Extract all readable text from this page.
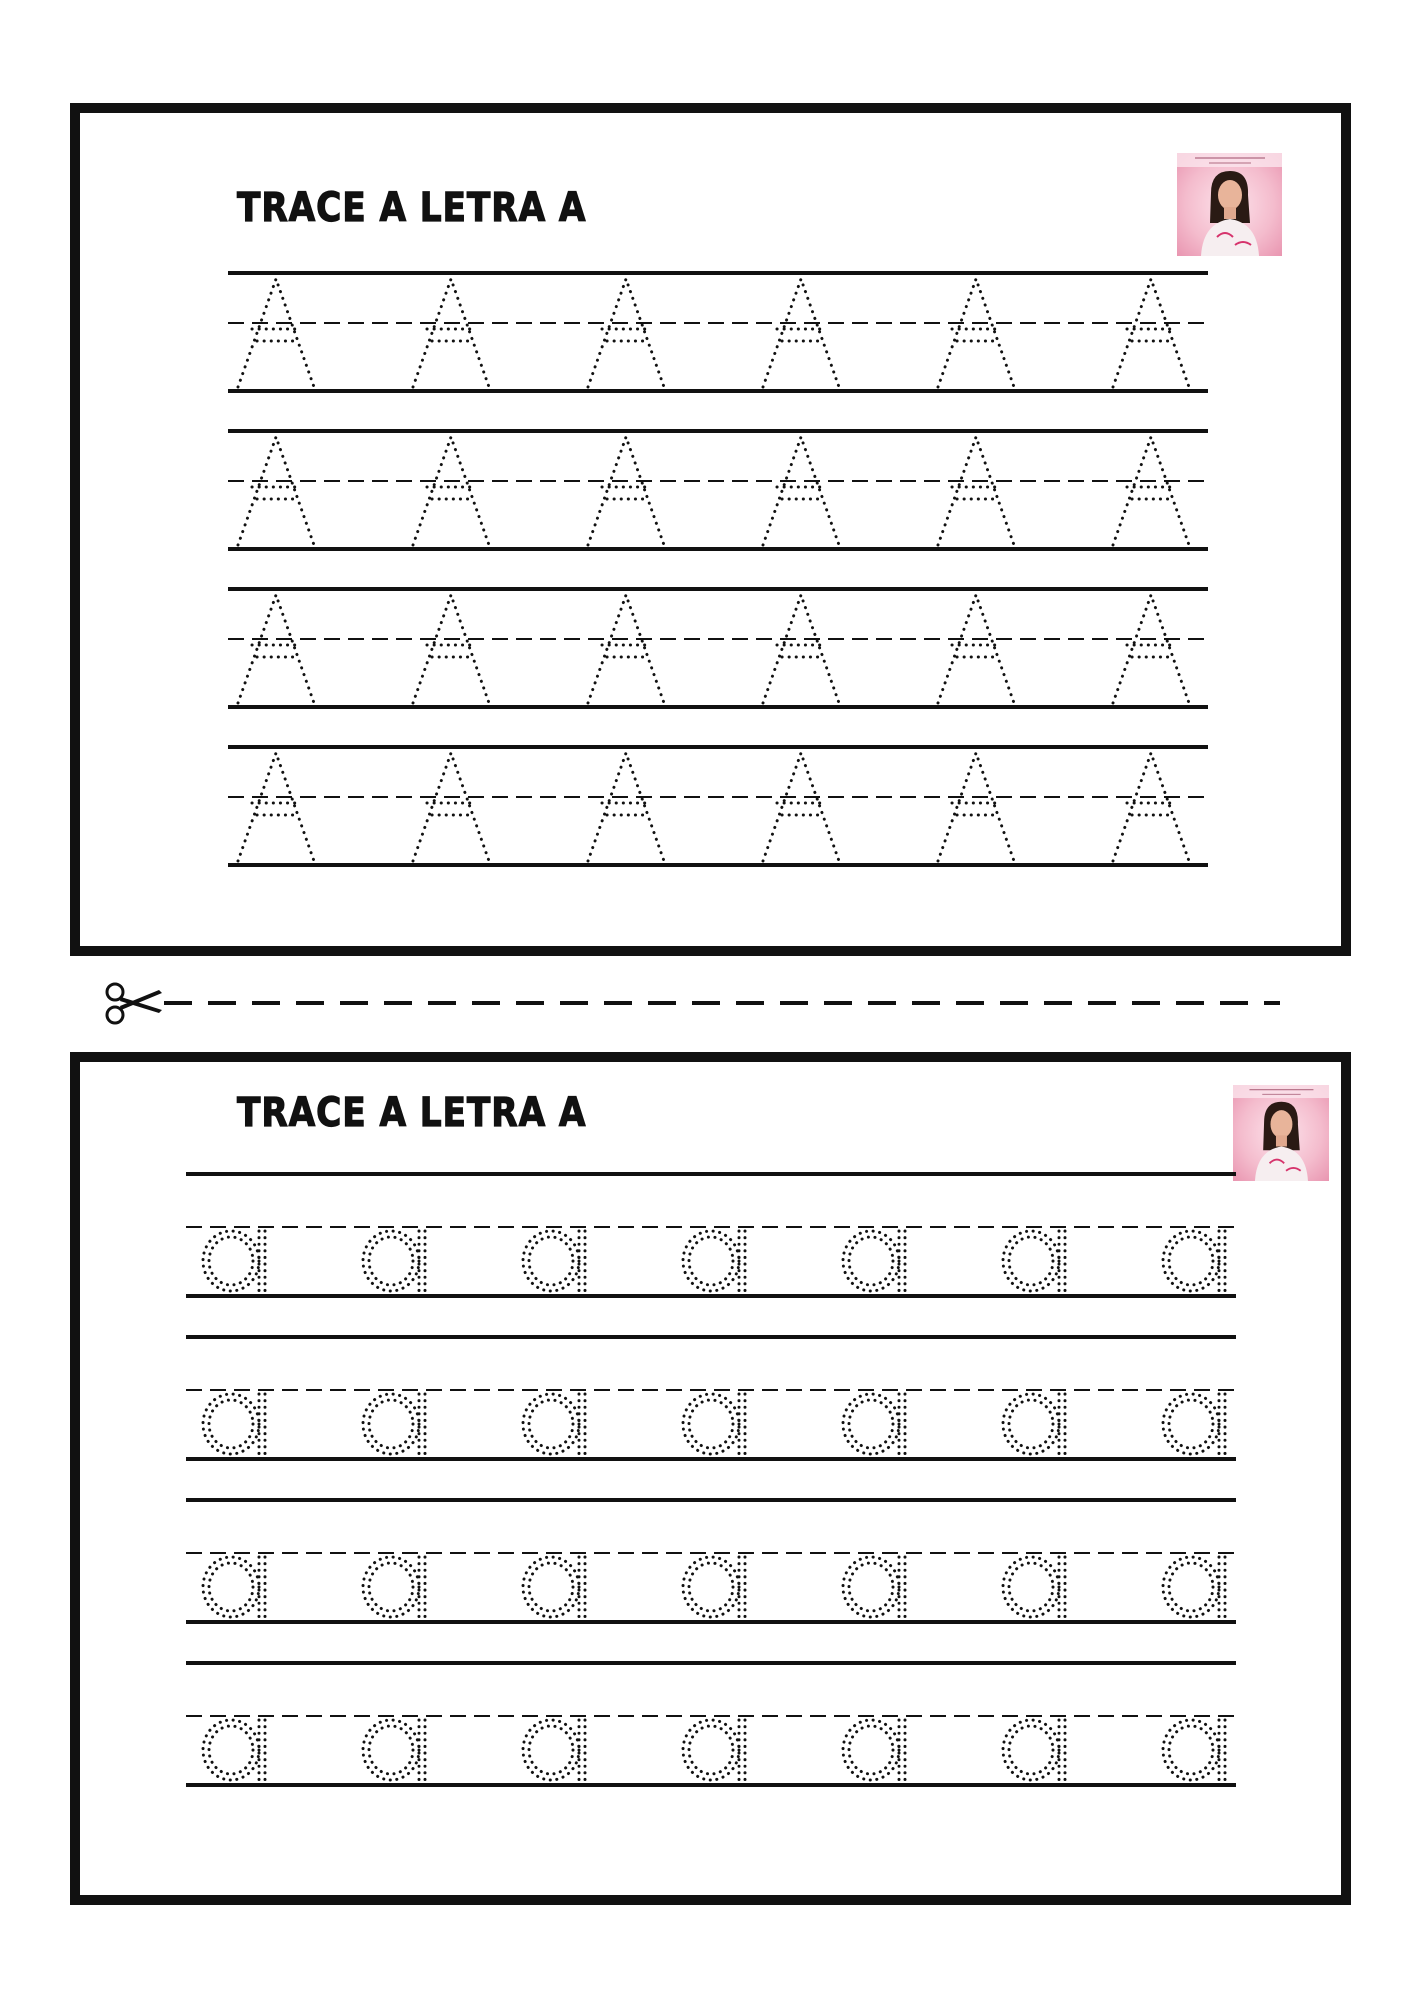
TRACE A LETRA A
TRACE A LETRA A
